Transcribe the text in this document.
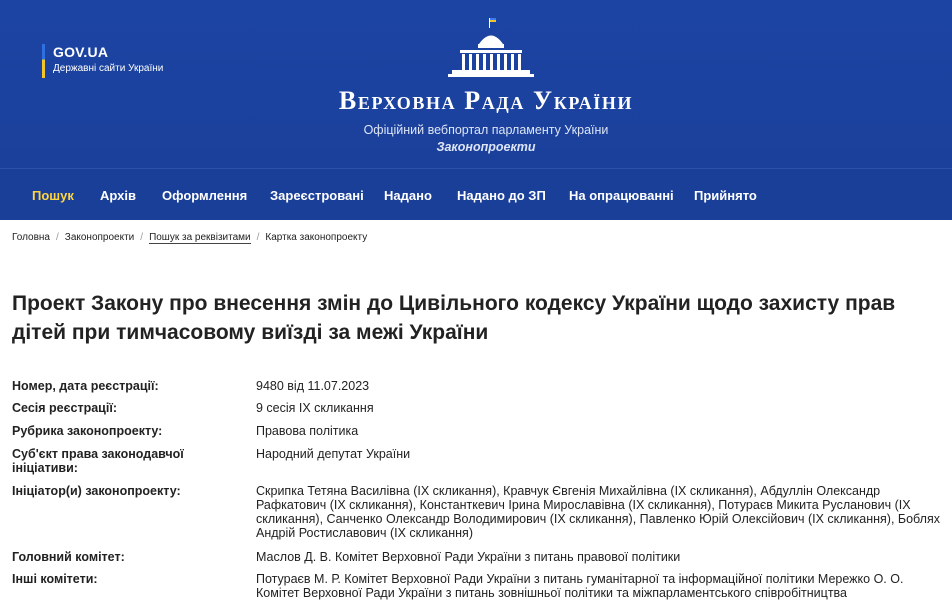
GOV.UA
Державні сайти України
Верховна Рада України
Офіційний вебпортал парламенту України
Законопроекти
Пошук Архів Оформлення Зареєстровані Надано Надано до ЗП На опрацюванні Прийнято
Головна / Законопроекти / Пошук за реквізитами / Картка законопроекту
Проект Закону про внесення змін до Цивільного кодексу України щодо захисту прав дітей при тимчасовому виїзді за межі України
Номер, дата реєстрації:	9480 від 11.07.2023
Сесія реєстрації:	9 сесія IX скликання
Рубрика законопроекту:	Правова політика
Суб'єкт права законодавчої ініціативи:
Народний депутат України
Ініціатор(и) законопроекту:	Скрипка Тетяна Василівна (IX скликання), Кравчук Євгенія Михайлівна (IX скликання), Абдуллін Олександр Рафкатович (IX скликання), Константкевич Ірина Мирославівна (IX скликання), Потураєв Микита Русланович (IX скликання), Санченко Олександр Володимирович (IX скликання), Павленко Юрій Олексійович (IX скликання), Боблях Андрій Ростиславович (IX скликання)
Головний комітет:	Маслов Д. В. Комітет Верховної Ради України з питань правової політики
Інші комітети:	Потураєв М. Р. Комітет Верховної Ради України з питань гуманітарної та інформаційної політики Мережко О. О. Комітет Верховної Ради України з питань зовнішньої політики та міжпарламентського співробітництва
